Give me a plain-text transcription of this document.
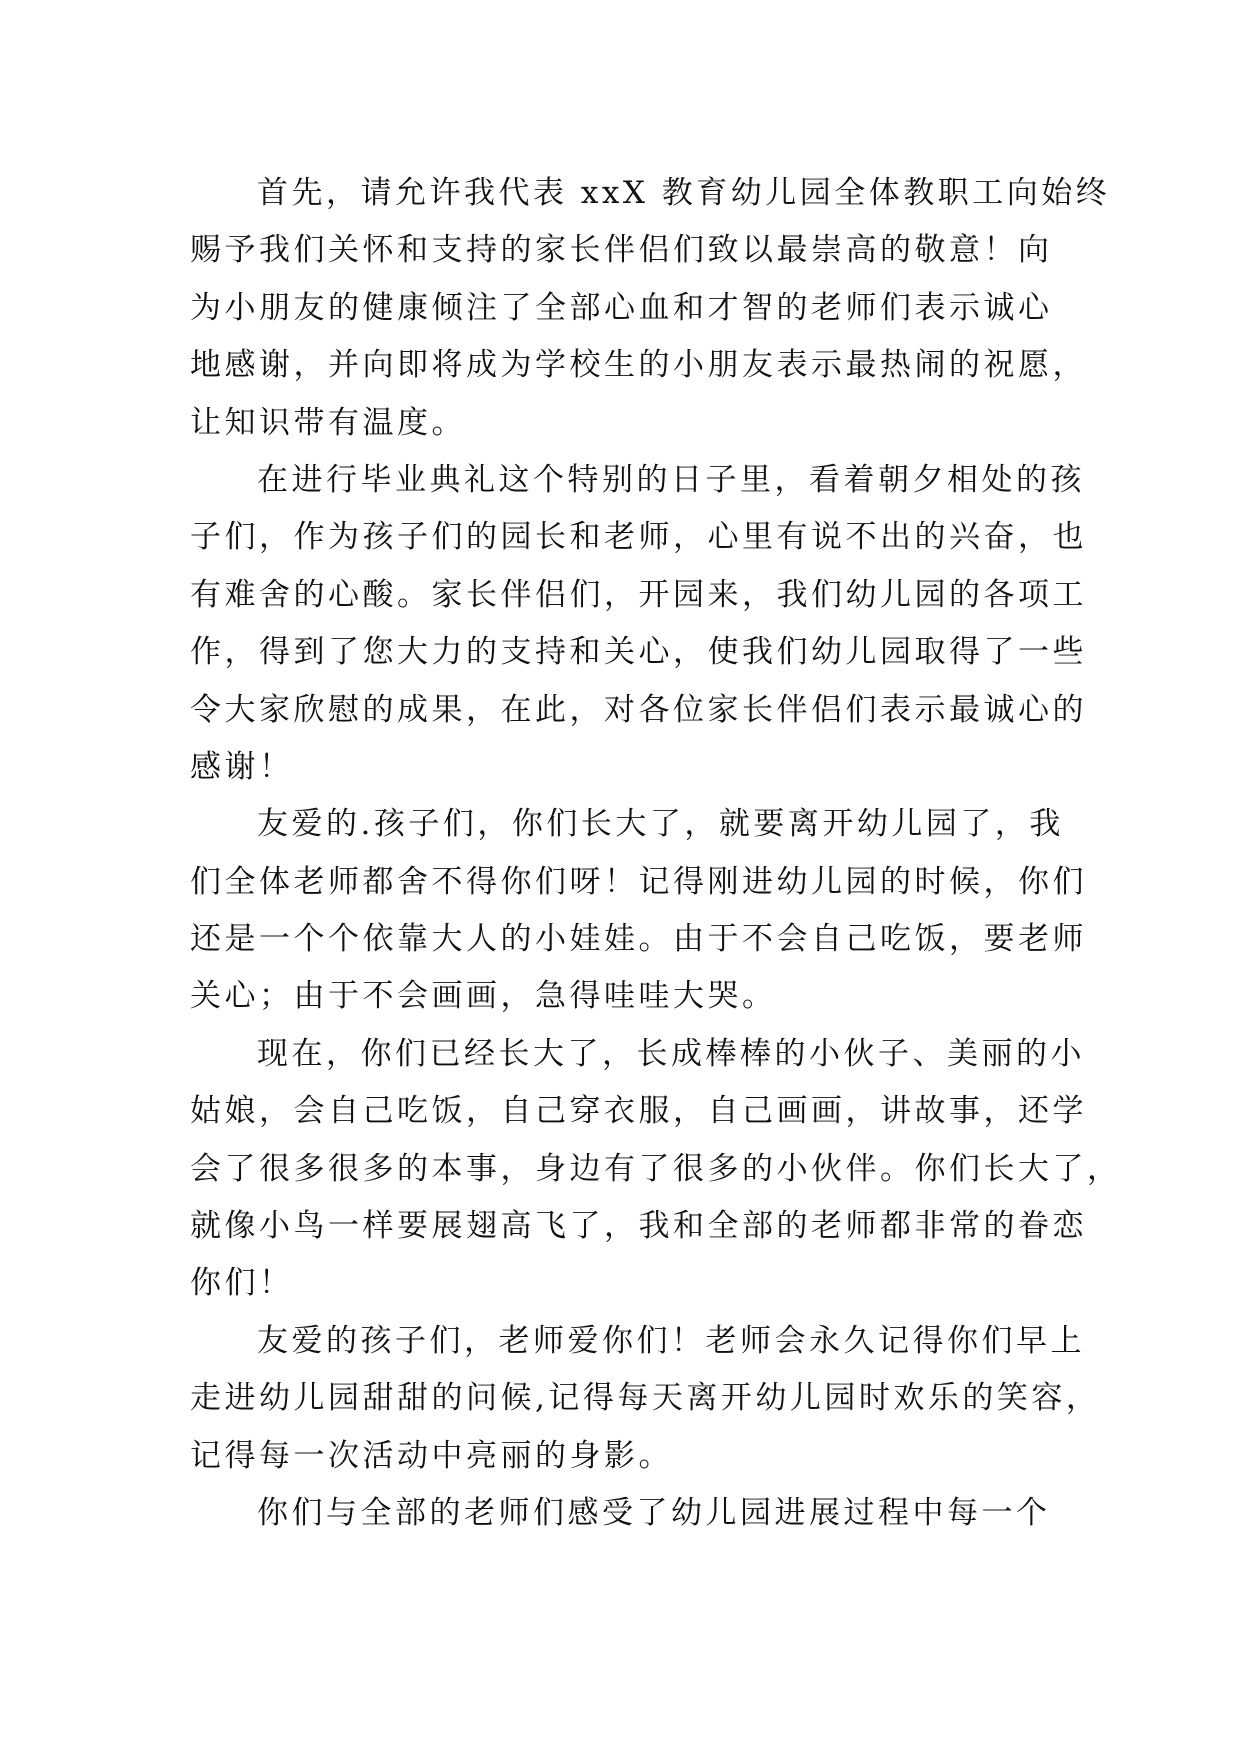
首先，请允许我代表 xxX 教育幼儿园全体教职工向始终
赐予我们关怀和支持的家长伴侣们致以最崇高的敬意！向
为小朋友的健康倾注了全部心血和才智的老师们表示诚心
地感谢，并向即将成为学校生的小朋友表示最热闹的祝愿，
让知识带有温度。
在进行毕业典礼这个特别的日子里，看着朝夕相处的孩
子们，作为孩子们的园长和老师，心里有说不出的兴奋，也
有难舍的心酸。家长伴侣们，开园来，我们幼儿园的各项工
作，得到了您大力的支持和关心，使我们幼儿园取得了一些
令大家欣慰的成果，在此，对各位家长伴侣们表示最诚心的
感谢！
友爱的.孩子们，你们长大了，就要离开幼儿园了，我
们全体老师都舍不得你们呀！记得刚进幼儿园的时候，你们
还是一个个依靠大人的小娃娃。由于不会自己吃饭，要老师
关心；由于不会画画，急得哇哇大哭。
现在，你们已经长大了，长成棒棒的小伙子、美丽的小
姑娘，会自己吃饭，自己穿衣服，自己画画，讲故事，还学
会了很多很多的本事，身边有了很多的小伙伴。你们长大了，
就像小鸟一样要展翅高飞了，我和全部的老师都非常的眷恋
你们！
友爱的孩子们，老师爱你们！老师会永久记得你们早上
走进幼儿园甜甜的问候,记得每天离开幼儿园时欢乐的笑容，
记得每一次活动中亮丽的身影。
你们与全部的老师们感受了幼儿园进展过程中每一个
